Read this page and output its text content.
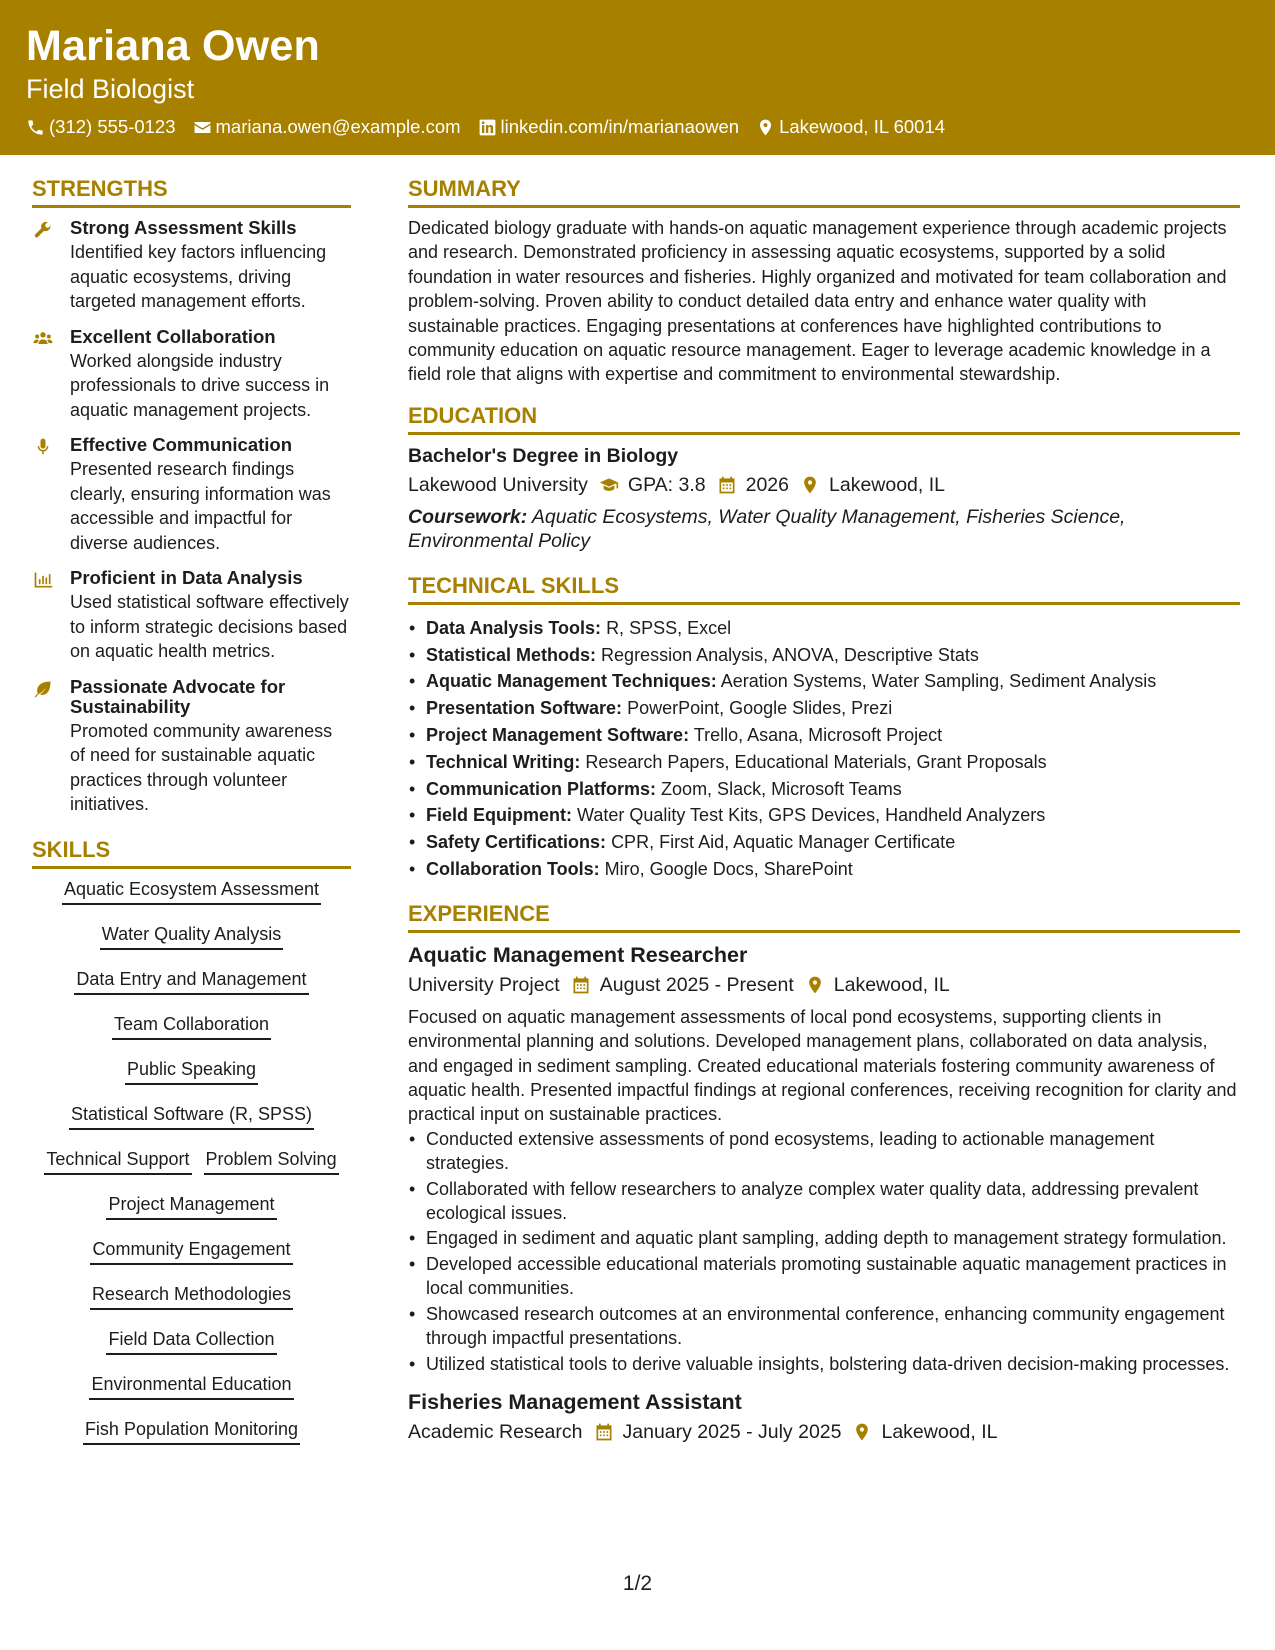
Mariana Owen
Field Biologist
(312) 555-0123 mariana.owen@example.com linkedin.com/in/marianaowen Lakewood, IL 60014
STRENGTHS
Strong Assessment Skills
Identified key factors influencing aquatic ecosystems, driving targeted management efforts.
Excellent Collaboration
Worked alongside industry professionals to drive success in aquatic management projects.
Effective Communication
Presented research findings clearly, ensuring information was accessible and impactful for diverse audiences.
Proficient in Data Analysis
Used statistical software effectively to inform strategic decisions based on aquatic health metrics.
Passionate Advocate for Sustainability
Promoted community awareness of need for sustainable aquatic practices through volunteer initiatives.
SKILLS
Aquatic Ecosystem Assessment
Water Quality Analysis
Data Entry and Management
Team Collaboration
Public Speaking
Statistical Software (R, SPSS)
Technical Support Problem Solving
Project Management
Community Engagement
Research Methodologies
Field Data Collection
Environmental Education
Fish Population Monitoring
SUMMARY
Dedicated biology graduate with hands-on aquatic management experience through academic projects and research. Demonstrated proficiency in assessing aquatic ecosystems, supported by a solid foundation in water resources and fisheries. Highly organized and motivated for team collaboration and problem-solving. Proven ability to conduct detailed data entry and enhance water quality with sustainable practices. Engaging presentations at conferences have highlighted contributions to community education on aquatic resource management. Eager to leverage academic knowledge in a field role that aligns with expertise and commitment to environmental stewardship.
EDUCATION
Bachelor's Degree in Biology
Lakewood University GPA: 3.8 2026 Lakewood, IL
Coursework: Aquatic Ecosystems, Water Quality Management, Fisheries Science, Environmental Policy
TECHNICAL SKILLS
• Data Analysis Tools: R, SPSS, Excel
• Statistical Methods: Regression Analysis, ANOVA, Descriptive Stats
• Aquatic Management Techniques: Aeration Systems, Water Sampling, Sediment Analysis
• Presentation Software: PowerPoint, Google Slides, Prezi
• Project Management Software: Trello, Asana, Microsoft Project
• Technical Writing: Research Papers, Educational Materials, Grant Proposals
• Communication Platforms: Zoom, Slack, Microsoft Teams
• Field Equipment: Water Quality Test Kits, GPS Devices, Handheld Analyzers
• Safety Certifications: CPR, First Aid, Aquatic Manager Certificate
• Collaboration Tools: Miro, Google Docs, SharePoint
EXPERIENCE
Aquatic Management Researcher
University Project August 2025 - Present Lakewood, IL
Focused on aquatic management assessments of local pond ecosystems, supporting clients in environmental planning and solutions. Developed management plans, collaborated on data analysis, and engaged in sediment sampling. Created educational materials fostering community awareness of aquatic health. Presented impactful findings at regional conferences, receiving recognition for clarity and practical input on sustainable practices.
• Conducted extensive assessments of pond ecosystems, leading to actionable management strategies.
• Collaborated with fellow researchers to analyze complex water quality data, addressing prevalent ecological issues.
• Engaged in sediment and aquatic plant sampling, adding depth to management strategy formulation.
• Developed accessible educational materials promoting sustainable aquatic management practices in local communities.
• Showcased research outcomes at an environmental conference, enhancing community engagement through impactful presentations.
• Utilized statistical tools to derive valuable insights, bolstering data-driven decision-making processes.
Fisheries Management Assistant
Academic Research January 2025 - July 2025 Lakewood, IL
1/2
